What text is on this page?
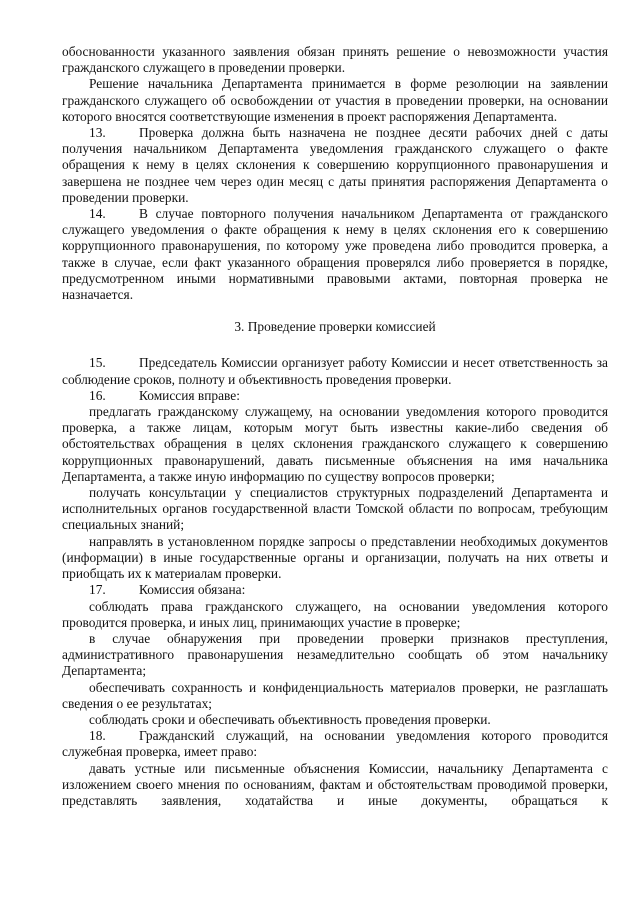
обоснованности указанного заявления обязан принять решение о невозможности участия гражданского служащего в проведении проверки.

Решение начальника Департамента принимается в форме резолюции на заявлении гражданского служащего об освобождении от участия в проведении проверки, на основании которого вносятся соответствующие изменения в проект распоряжения Департамента.

13. Проверка должна быть назначена не позднее десяти рабочих дней с даты получения начальником Департамента уведомления гражданского служащего о факте обращения к нему в целях склонения к совершению коррупционного правонарушения и завершена не позднее чем через один месяц с даты принятия распоряжения Департамента о проведении проверки.

14. В случае повторного получения начальником Департамента от гражданского служащего уведомления о факте обращения к нему в целях склонения его к совершению коррупционного правонарушения, по которому уже проведена либо проводится проверка, а также в случае, если факт указанного обращения проверялся либо проверяется в порядке, предусмотренном иными нормативными правовыми актами, повторная проверка не назначается.

3. Проведение проверки комиссией

15. Председатель Комиссии организует работу Комиссии и несет ответственность за соблюдение сроков, полноту и объективность проведения проверки.

16. Комиссия вправе:

предлагать гражданскому служащему, на основании уведомления которого проводится проверка, а также лицам, которым могут быть известны какие-либо сведения об обстоятельствах обращения в целях склонения гражданского служащего к совершению коррупционных правонарушений, давать письменные объяснения на имя начальника Департамента, а также иную информацию по существу вопросов проверки;

получать консультации у специалистов структурных подразделений Департамента и исполнительных органов государственной власти Томской области по вопросам, требующим специальных знаний;

направлять в установленном порядке запросы о представлении необходимых документов (информации) в иные государственные органы и организации, получать на них ответы и приобщать их к материалам проверки.

17. Комиссия обязана:

соблюдать права гражданского служащего, на основании уведомления которого проводится проверка, и иных лиц, принимающих участие в проверке;

в случае обнаружения при проведении проверки признаков преступления, административного правонарушения незамедлительно сообщать об этом начальнику Департамента;

обеспечивать сохранность и конфиденциальность материалов проверки, не разглашать сведения о ее результатах;

соблюдать сроки и обеспечивать объективность проведения проверки.

18. Гражданский служащий, на основании уведомления которого проводится служебная проверка, имеет право:

давать устные или письменные объяснения Комиссии, начальнику Департамента с изложением своего мнения по основаниям, фактам и обстоятельствам проводимой проверки, представлять заявления, ходатайства и иные документы, обращаться к
